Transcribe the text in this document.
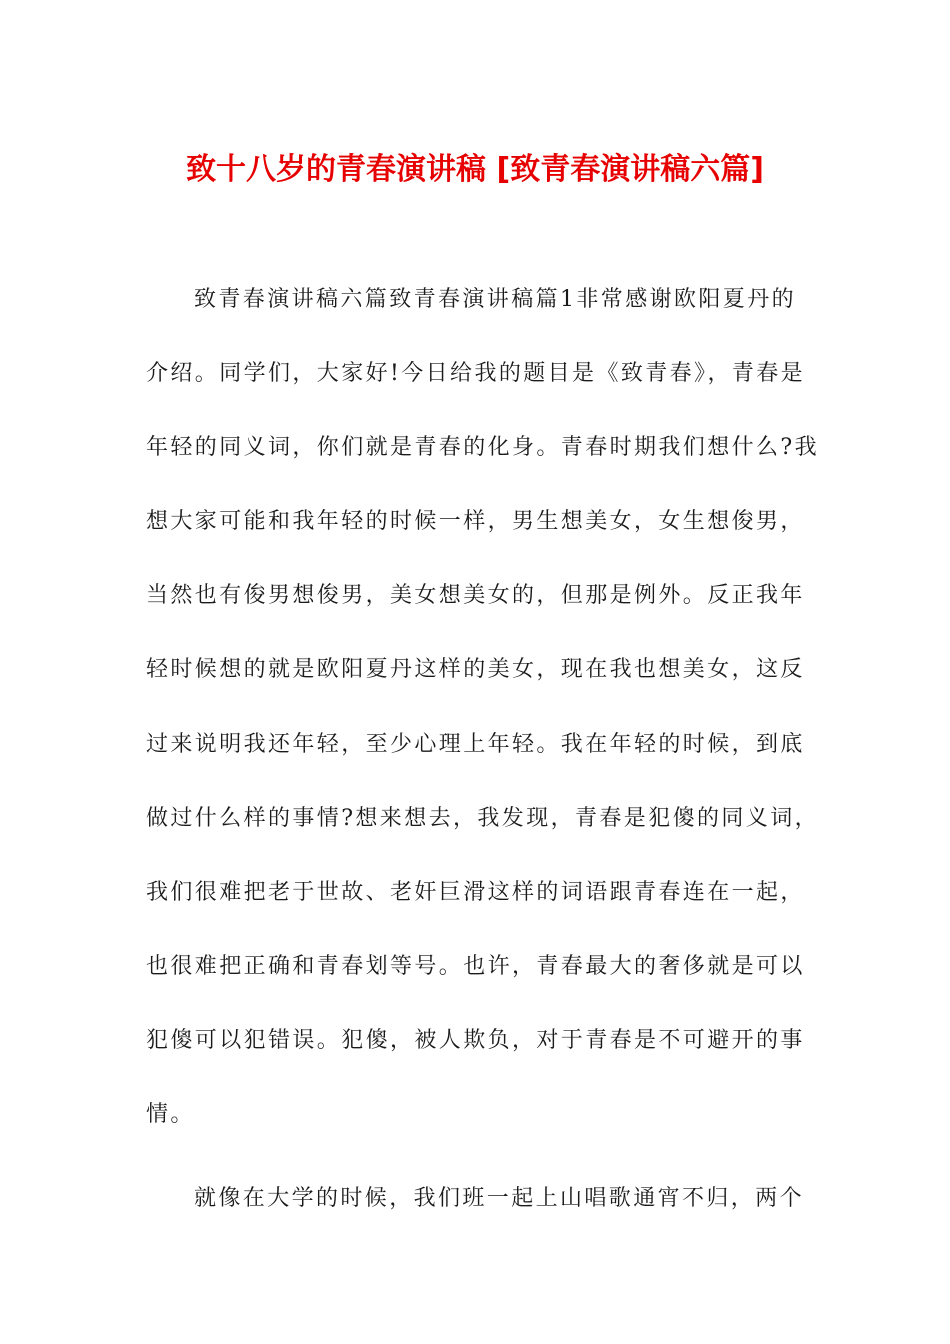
致十八岁的青春演讲稿 [致青春演讲稿六篇]
致青春演讲稿六篇致青春演讲稿篇1非常感谢欧阳夏丹的
介绍。同学们，大家好!今日给我的题目是《致青春》，青春是
年轻的同义词，你们就是青春的化身。青春时期我们想什么?我
想大家可能和我年轻的时候一样，男生想美女，女生想俊男，
当然也有俊男想俊男，美女想美女的，但那是例外。反正我年
轻时候想的就是欧阳夏丹这样的美女，现在我也想美女，这反
过来说明我还年轻，至少心理上年轻。我在年轻的时候，到底
做过什么样的事情?想来想去，我发现，青春是犯傻的同义词，
我们很难把老于世故、老奸巨滑这样的词语跟青春连在一起，
也很难把正确和青春划等号。也许，青春最大的奢侈就是可以
犯傻可以犯错误。犯傻，被人欺负，对于青春是不可避开的事
情。
就像在大学的时候，我们班一起上山唱歌通宵不归，两个
